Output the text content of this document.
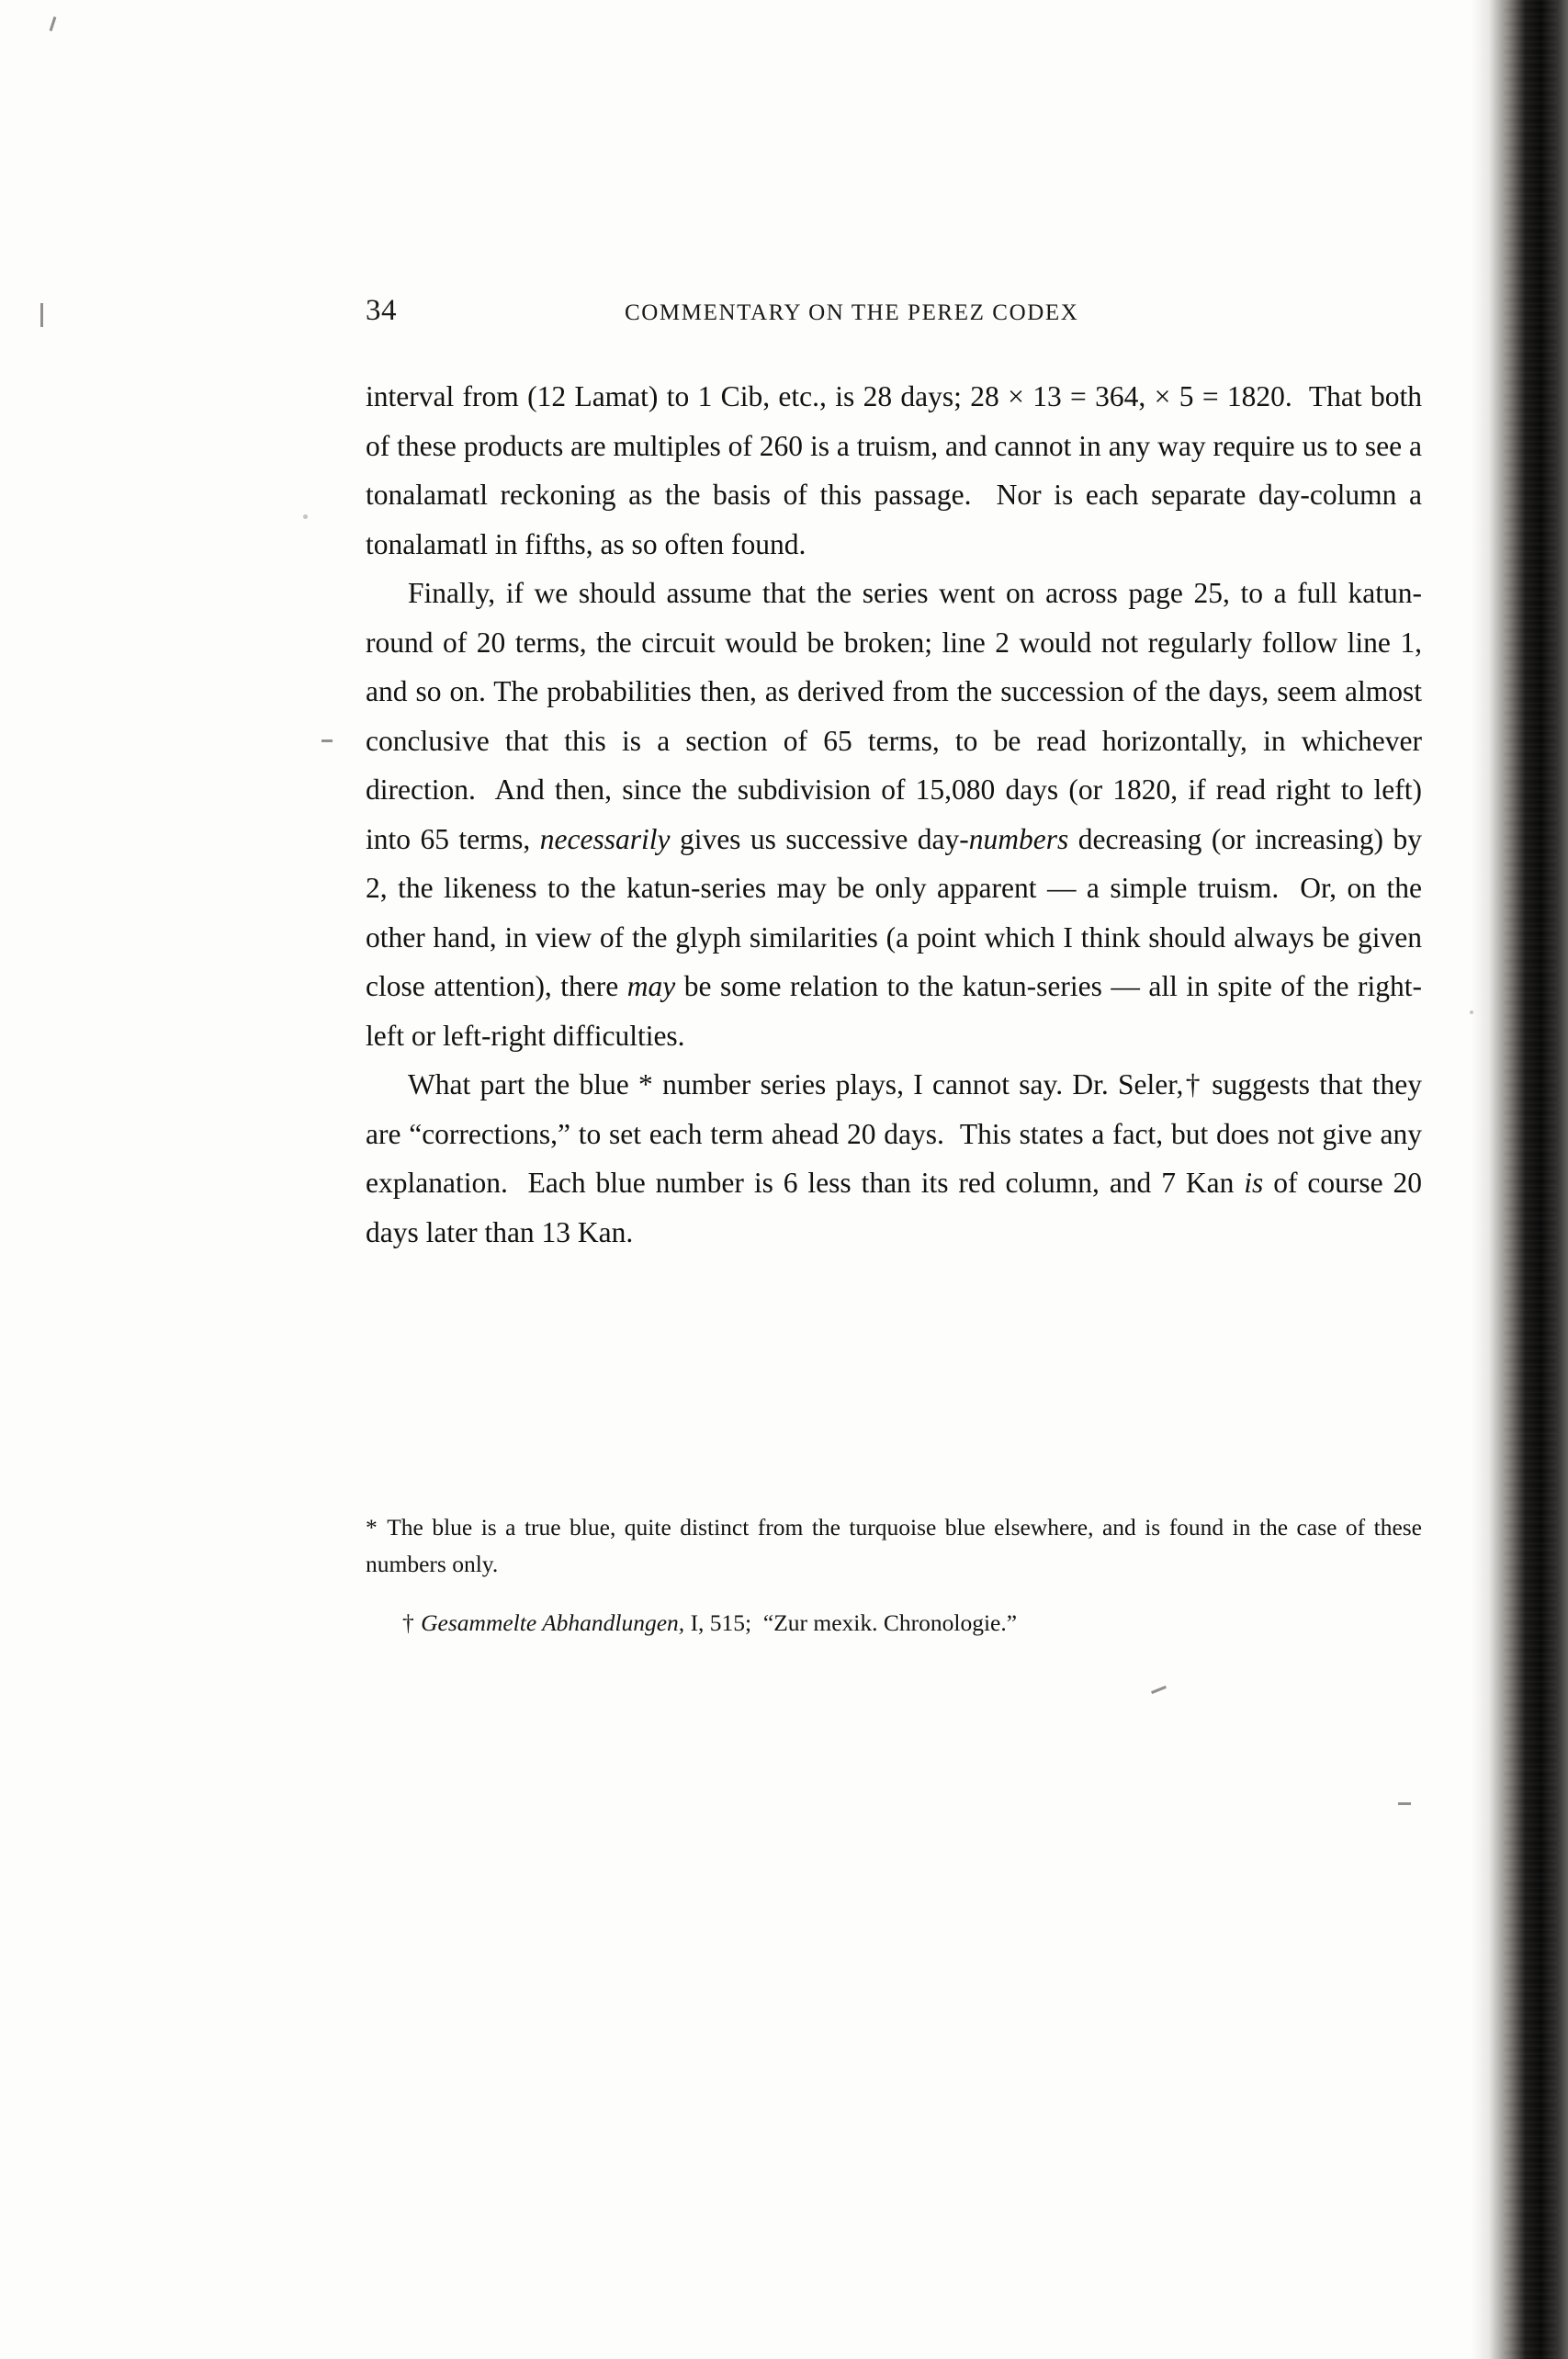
34	COMMENTARY ON THE PEREZ CODEX

interval from (12 Lamat) to 1 Cib, etc., is 28 days; 28 × 13 = 364, × 5 = 1820.  That both of these products are multiples of 260 is a truism, and cannot in any way require us to see a tonalamatl reckoning as the basis of this passage.  Nor is each separate day-column a tonalamatl in fifths, as so often found.

Finally, if we should assume that the series went on across page 25, to a full katun-round of 20 terms, the circuit would be broken; line 2 would not regularly follow line 1, and so on. The probabilities then, as derived from the succession of the days, seem almost conclusive that this is a section of 65 terms, to be read horizontally, in whichever direction.  And then, since the subdivision of 15,080 days (or 1820, if read right to left) into 65 terms, necessarily gives us successive day-numbers decreasing (or increasing) by 2, the likeness to the katun-series may be only apparent — a simple truism.  Or, on the other hand, in view of the glyph similarities (a point which I think should always be given close attention), there may be some relation to the katun-series — all in spite of the right-left or left-right difficulties.

What part the blue * number series plays, I cannot say. Dr. Seler,† suggests that they are “corrections,” to set each term ahead 20 days.  This states a fact, but does not give any explanation.  Each blue number is 6 less than its red column, and 7 Kan is of course 20 days later than 13 Kan.

* The blue is a true blue, quite distinct from the turquoise blue elsewhere, and is found in the case of these numbers only.

† Gesammelte Abhandlungen, I, 515;  “Zur mexik. Chronologie.”
